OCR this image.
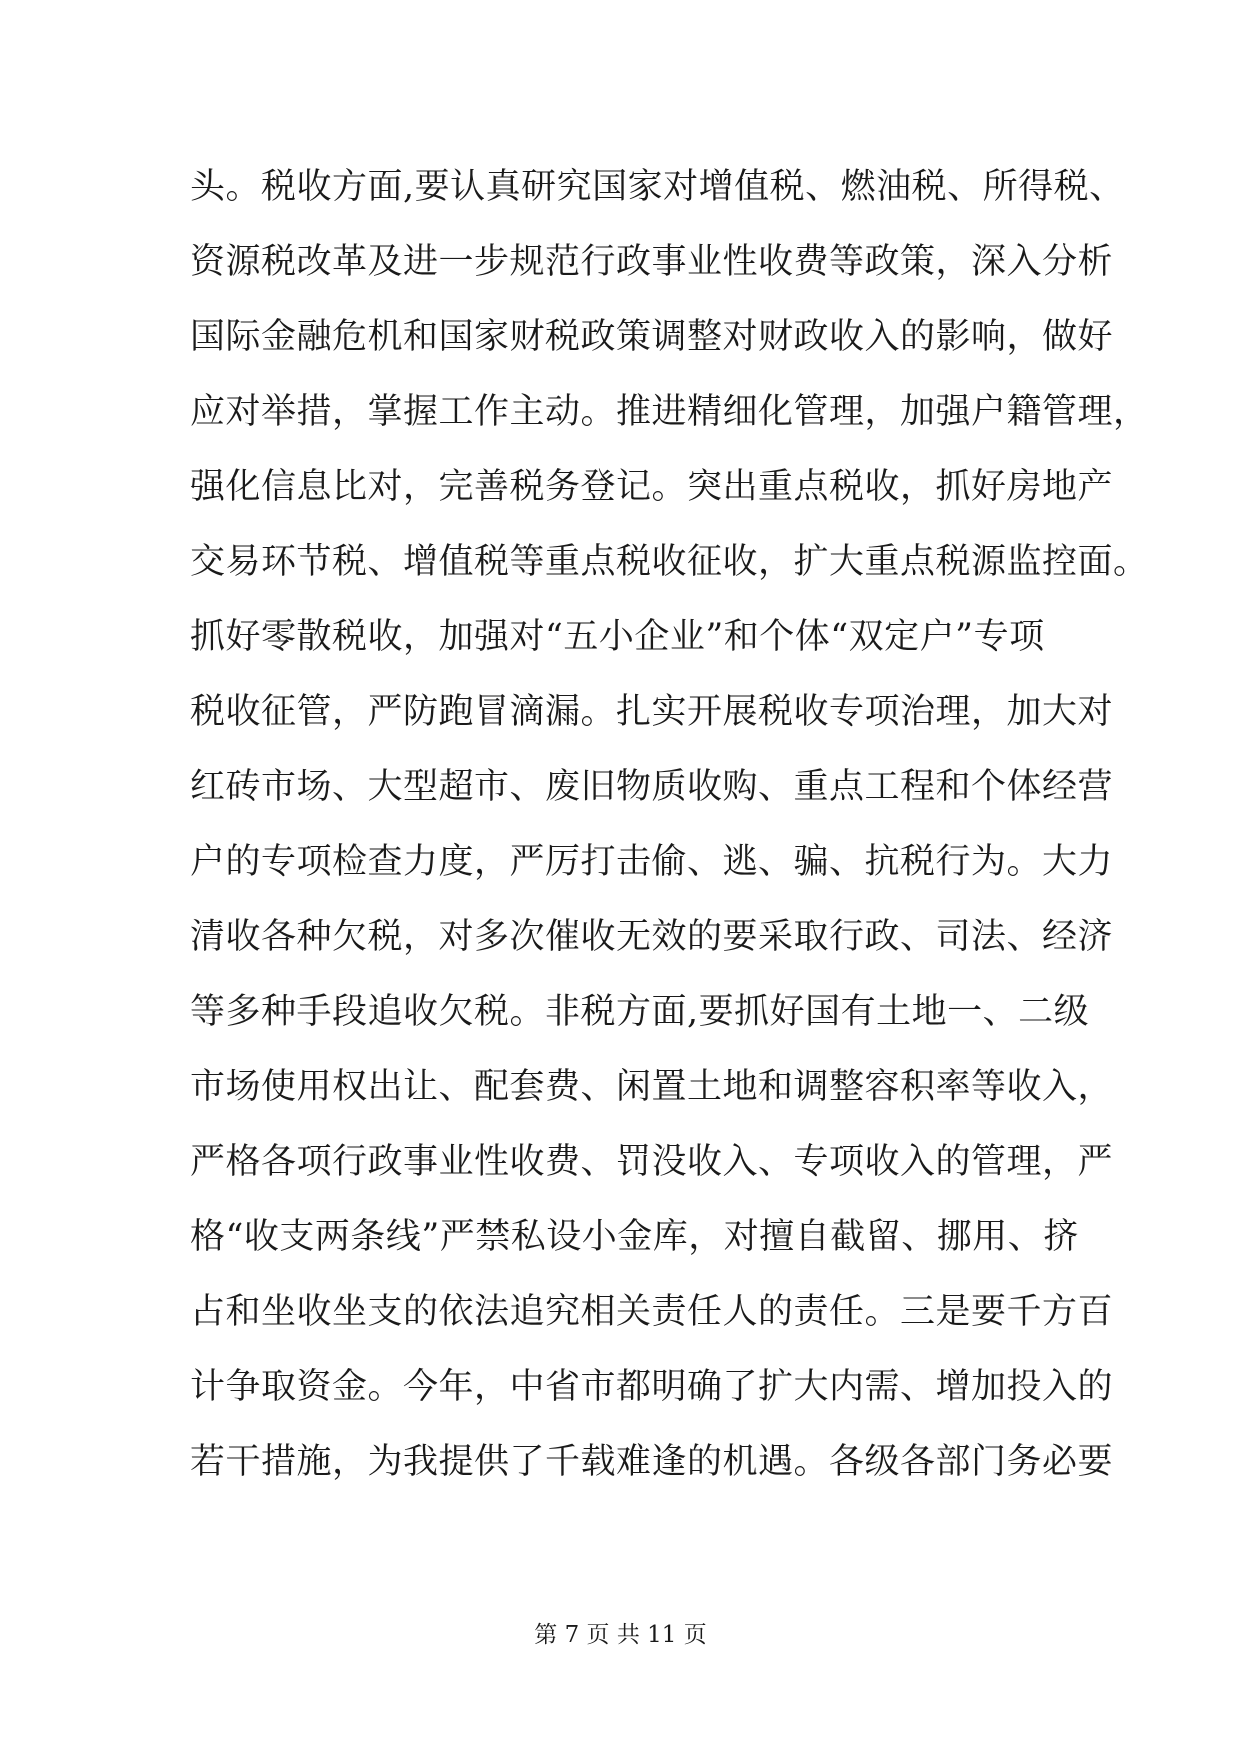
头。税收方面,要认真研究国家对增值税、燃油税、所得税、
资源税改革及进一步规范行政事业性收费等政策，深入分析
国际金融危机和国家财税政策调整对财政收入的影响，做好
应对举措，掌握工作主动。推进精细化管理，加强户籍管理，
强化信息比对，完善税务登记。突出重点税收，抓好房地产
交易环节税、增值税等重点税收征收，扩大重点税源监控面。
抓好零散税收，加强对“五小企业”和个体“双定户”专项
税收征管，严防跑冒滴漏。扎实开展税收专项治理，加大对
红砖市场、大型超市、废旧物质收购、重点工程和个体经营
户的专项检查力度，严厉打击偷、逃、骗、抗税行为。大力
清收各种欠税，对多次催收无效的要采取行政、司法、经济
等多种手段追收欠税。非税方面,要抓好国有土地一、二级
市场使用权出让、配套费、闲置土地和调整容积率等收入，
严格各项行政事业性收费、罚没收入、专项收入的管理，严
格“收支两条线”严禁私设小金库，对擅自截留、挪用、挤
占和坐收坐支的依法追究相关责任人的责任。三是要千方百
计争取资金。今年，中省市都明确了扩大内需、增加投入的
若干措施，为我提供了千载难逢的机遇。各级各部门务必要
第 7 页 共 11 页
